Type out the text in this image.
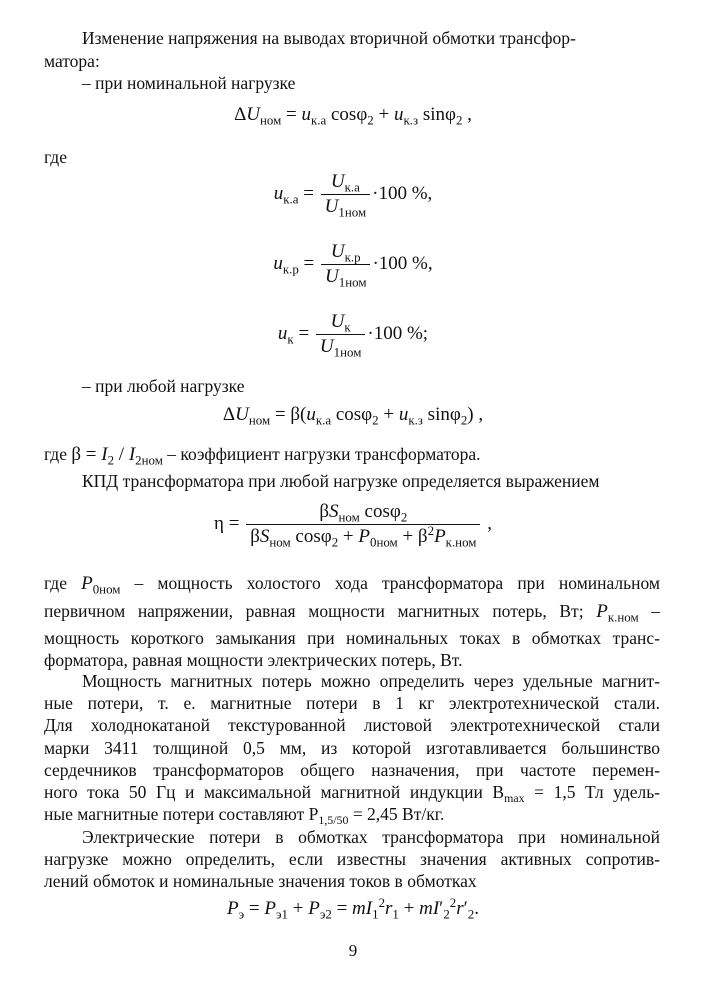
Изменение напряжения на выводах вторичной обмотки трансфор-
матора:
– при номинальной нагрузке
$\Delta U_{ном} = u_{к.а}$ $\cos\varphi_2 + u_{к.з}$ sinφ$_2$ ,
где
$u_{к.а} = \frac{U_{к.а}}{U_{1ном}} \cdot 100$ %,
$u_{к.р} = \frac{U_{к.р}}{U_{1ном}} \cdot 100$ %,
$u_к = \frac{U_к}{U_{1ном}} \cdot 100$ %;
– при любой нагрузке
$\Delta U_{ном} = \beta(u_{к.а}$ $\cos\varphi_2 + u_{к.з}$ sinφ$_2$) ,
где $\beta = I_2 / I_{2ном}$ – коэффициент нагрузки трансформатора.
КПД трансформатора при любой нагрузке определяется выражением
$\eta = \frac{\beta S_{ном} \cos\varphi_2}{\beta S_{ном} \cos\varphi_2 + P_{0ном} + \beta^2P_{к.ном}}$ ,
где $P_{0ном}$ – мощность холостого хода трансформатора при номинальном
первичном напряжении, равная мощности магнитных потерь, Вт; $P_{к.ном}$ –
мощность короткого замыкания при номинальных токах в обмотках транс-
форматора, равная мощности электрических потерь, Вт.
Мощность магнитных потерь можно определить через удельные магнит-
ные потери, т. е. магнитные потери в 1 кг электротехнической стали.
Для холоднокатаной текстурованной листовой электротехнической стали
марки 3411 толщиной 0,5 мм, из которой изготавливается большинство
сердечников трансформаторов общего назначения, при частоте перемен-
ного тока 50 Гц и максимальной магнитной индукции $В_{max} = 1,5$ Тл удель-
ные магнитные потери составляют $Р_{1,5/50} = 2,45$ Вт/кг.
Электрические потери в обмотках трансформатора при номинальной
нагрузке можно определить, если известны значения активных сопротив-
лений обмоток и номинальные значения токов в обмотках
$P_э = P_{э1} + P_{э2} = mI_1^2r_1 + mI'_2^2r'_2$.
9
